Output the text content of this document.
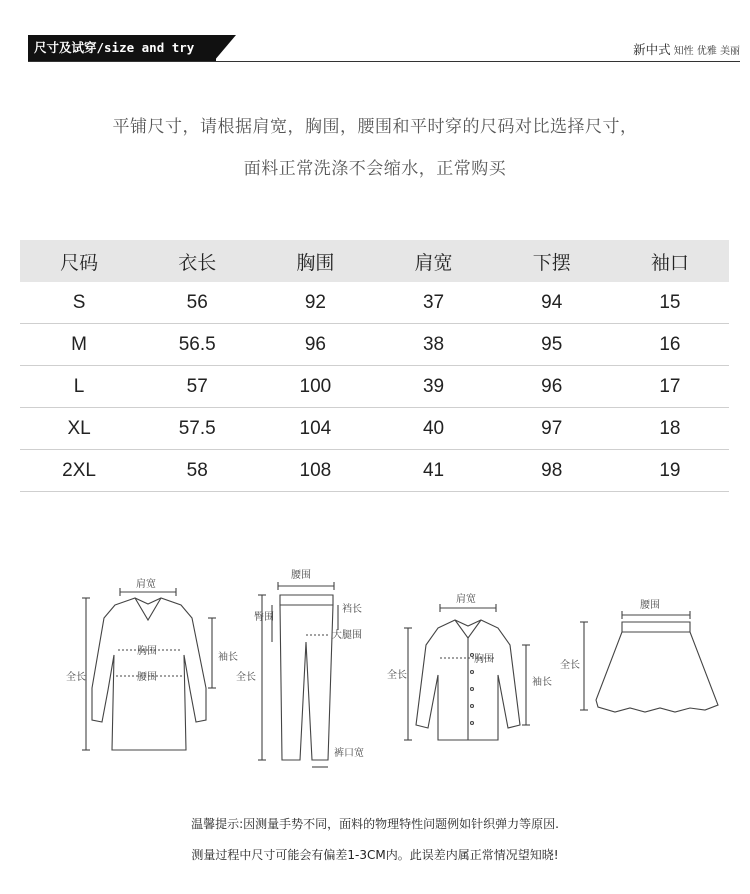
尺寸及试穿/size and try	新中式 知性 优雅 美丽
平铺尺寸，请根据肩宽，胸围，腰围和平时穿的尺码对比选择尺寸，
面料正常洗涤不会缩水，正常购买
尺码	衣长	胸围	肩宽	下摆	袖口
S	56	92	37	94	15
M	56.5	96	38	95	16
L	57	100	39	96	17
XL	57.5	104	40	97	18
2XL	58	108	41	98	19
肩宽
胸围
腰围
全长
袖长
腰围
臀围
裆长
大腿围
全长
裤口宽
肩宽
胸围
全长
袖长
腰围
全长
温馨提示:因测量手势不同，面料的物理特性问题例如针织弹力等原因.
测量过程中尺寸可能会有偏差1-3CM内。此误差内属正常情况望知晓!
